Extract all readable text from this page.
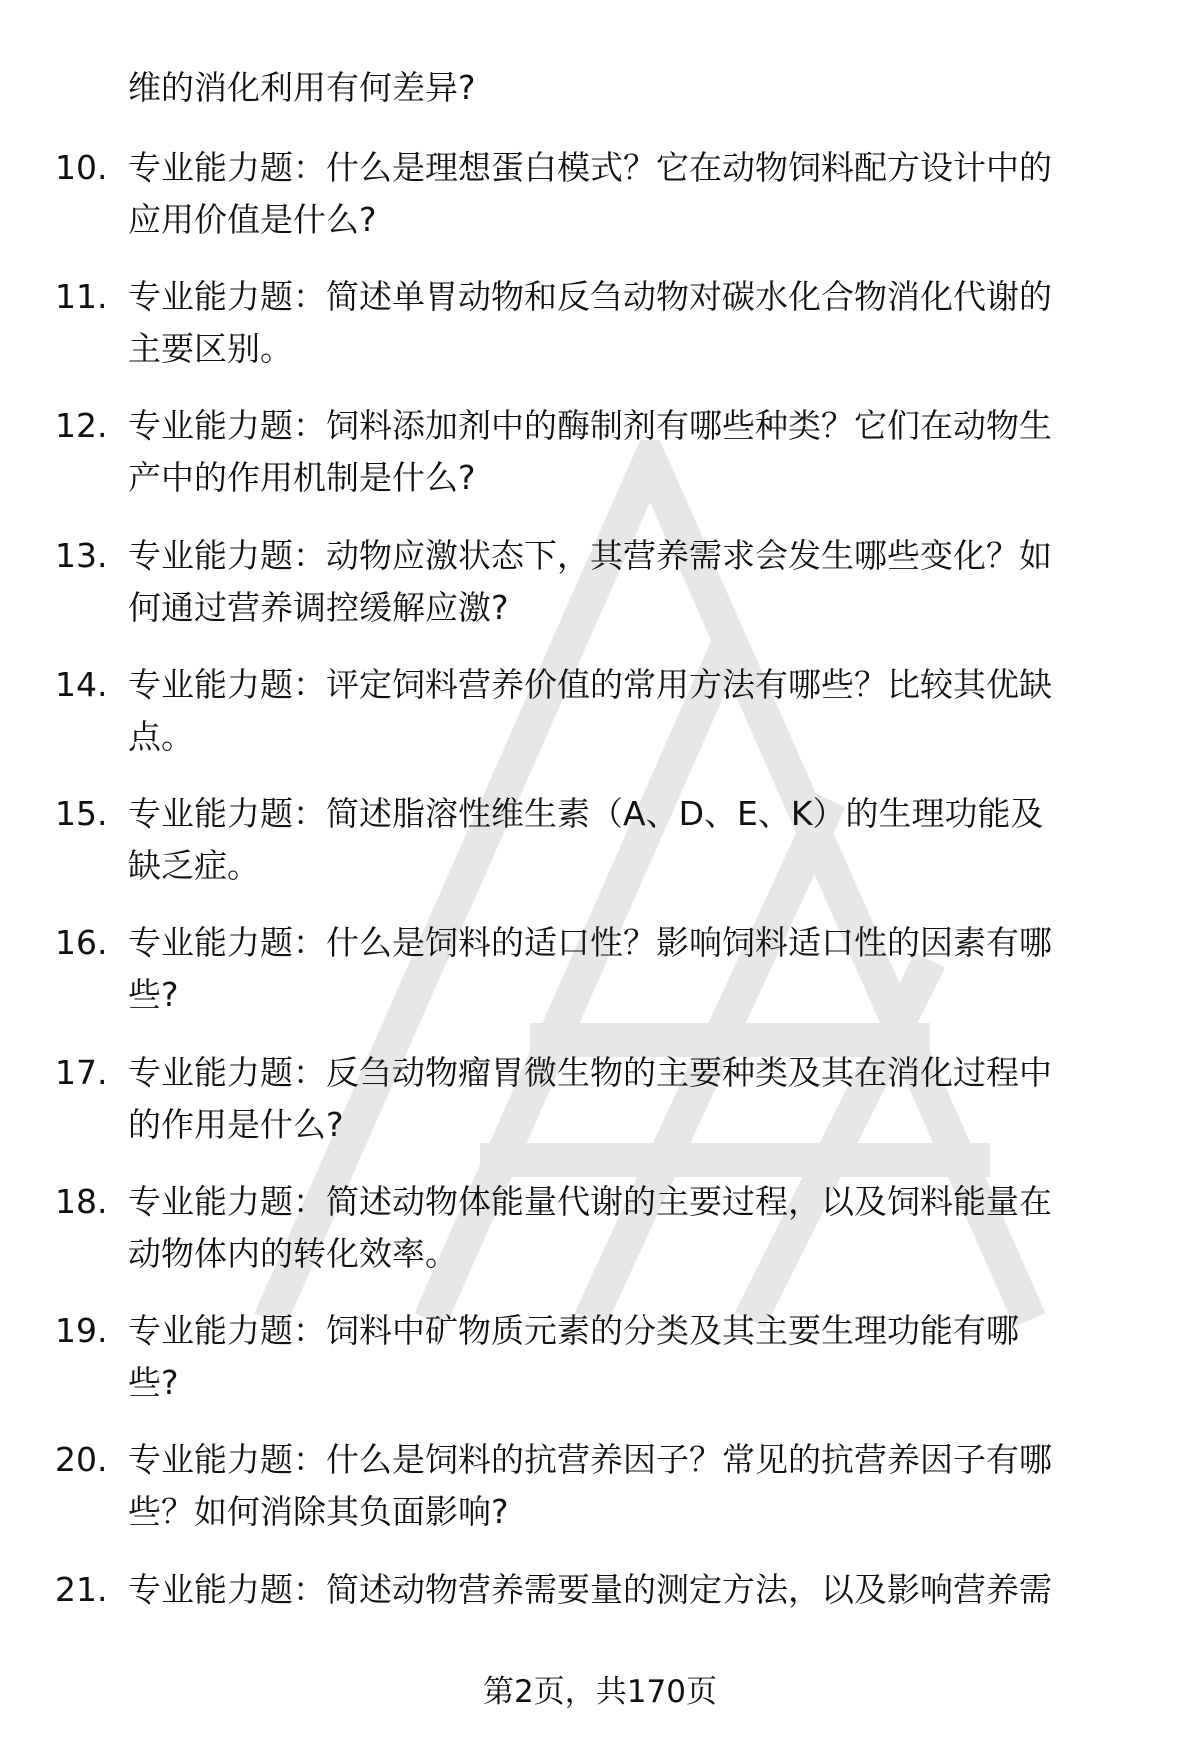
维的消化利用有何差异?
10. 专业能力题：什么是理想蛋白模式？它在动物饲料配方设计中的
应用价值是什么?
11. 专业能力题：简述单胃动物和反刍动物对碳水化合物消化代谢的
主要区别。
12. 专业能力题：饲料添加剂中的酶制剂有哪些种类？它们在动物生
产中的作用机制是什么?
13. 专业能力题：动物应激状态下，其营养需求会发生哪些变化？如
何通过营养调控缓解应激?
14. 专业能力题：评定饲料营养价值的常用方法有哪些？比较其优缺
点。
15. 专业能力题：简述脂溶性维生素（A、D、E、K）的生理功能及
缺乏症。
16. 专业能力题：什么是饲料的适口性？影响饲料适口性的因素有哪
些?
17. 专业能力题：反刍动物瘤胃微生物的主要种类及其在消化过程中
的作用是什么?
18. 专业能力题：简述动物体能量代谢的主要过程，以及饲料能量在
动物体内的转化效率。
19. 专业能力题：饲料中矿物质元素的分类及其主要生理功能有哪
些?
20. 专业能力题：什么是饲料的抗营养因子？常见的抗营养因子有哪
些？如何消除其负面影响?
21. 专业能力题：简述动物营养需要量的测定方法，以及影响营养需
第2页，共170页
